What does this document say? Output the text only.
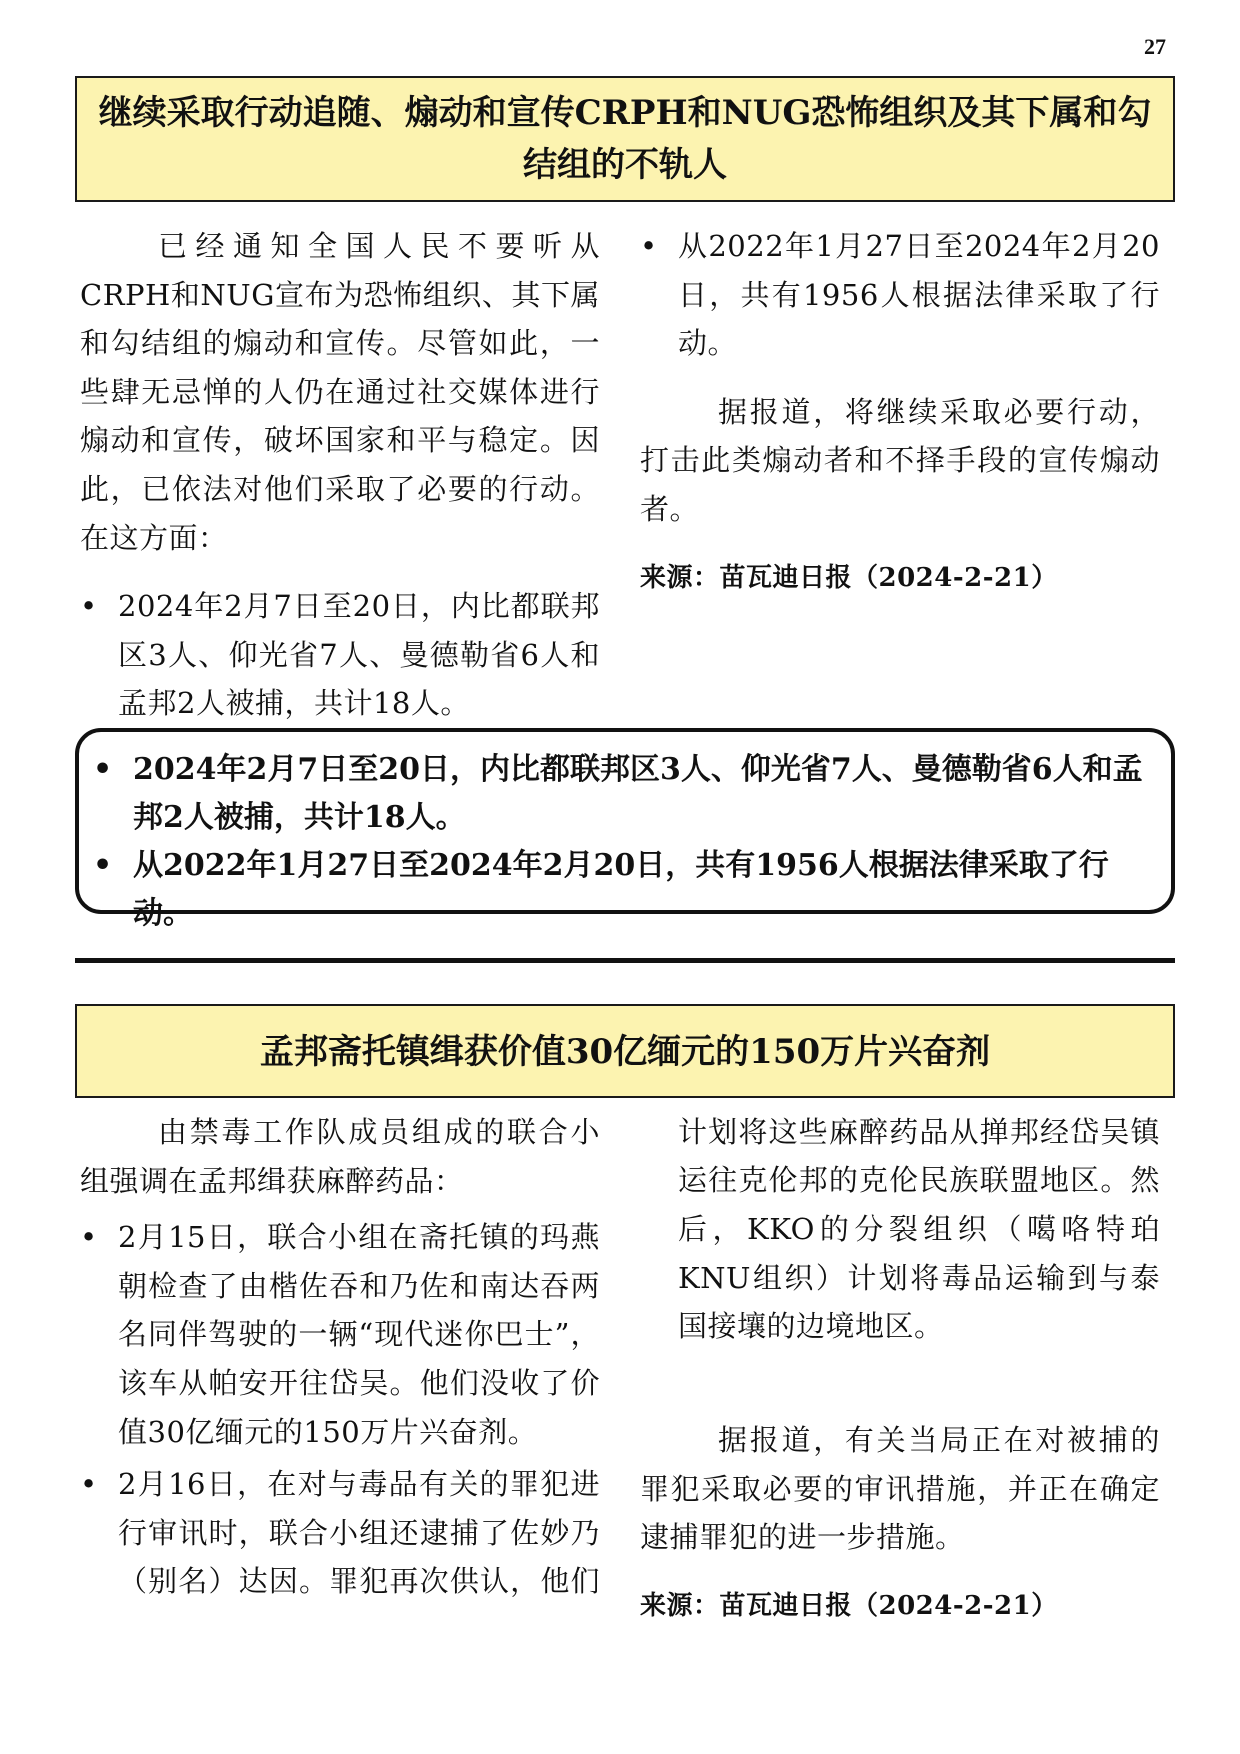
27
继续采取行动追随、煽动和宣传CRPH和NUG恐怖组织及其下属和勾结组的不轨人

已经通知全国人民不要听从CRPH和NUG宣布为恐怖组织、其下属和勾结组的煽动和宣传。尽管如此，一些肆无忌惮的人仍在通过社交媒体进行煽动和宣传，破坏国家和平与稳定。因此，已依法对他们采取了必要的行动。在这方面：

• 2024年2月7日至20日，内比都联邦区3人、仰光省7人、曼德勒省6人和孟邦2人被捕，共计18人。

• 从2022年1月27日至2024年2月20日，共有1956人根据法律采取了行动。

据报道，将继续采取必要行动，打击此类煽动者和不择手段的宣传煽动者。

来源：苗瓦迪日报（2024-2-21）

• 2024年2月7日至20日，内比都联邦区3人、仰光省7人、曼德勒省6人和孟邦2人被捕，共计18人。
• 从2022年1月27日至2024年2月20日，共有1956人根据法律采取了行动。
孟邦斋托镇缉获价值30亿缅元的150万片兴奋剂

由禁毒工作队成员组成的联合小组强调在孟邦缉获麻醉药品：

• 2月15日，联合小组在斋托镇的玛燕朝检查了由楷佐吞和乃佐和南达吞两名同伴驾驶的一辆“现代迷你巴士”，该车从帕安开往岱吴。他们没收了价值30亿缅元的150万片兴奋剂。

• 2月16日，在对与毒品有关的罪犯进行审讯时，联合小组还逮捕了佐妙乃（别名）达因。罪犯再次供认，他们

计划将这些麻醉药品从掸邦经岱吴镇运往克伦邦的克伦民族联盟地区。然后，KKO的分裂组织（噶咯特珀KNU组织）计划将毒品运输到与泰国接壤的边境地区。

据报道，有关当局正在对被捕的罪犯采取必要的审讯措施，并正在确定逮捕罪犯的进一步措施。

来源：苗瓦迪日报（2024-2-21）
